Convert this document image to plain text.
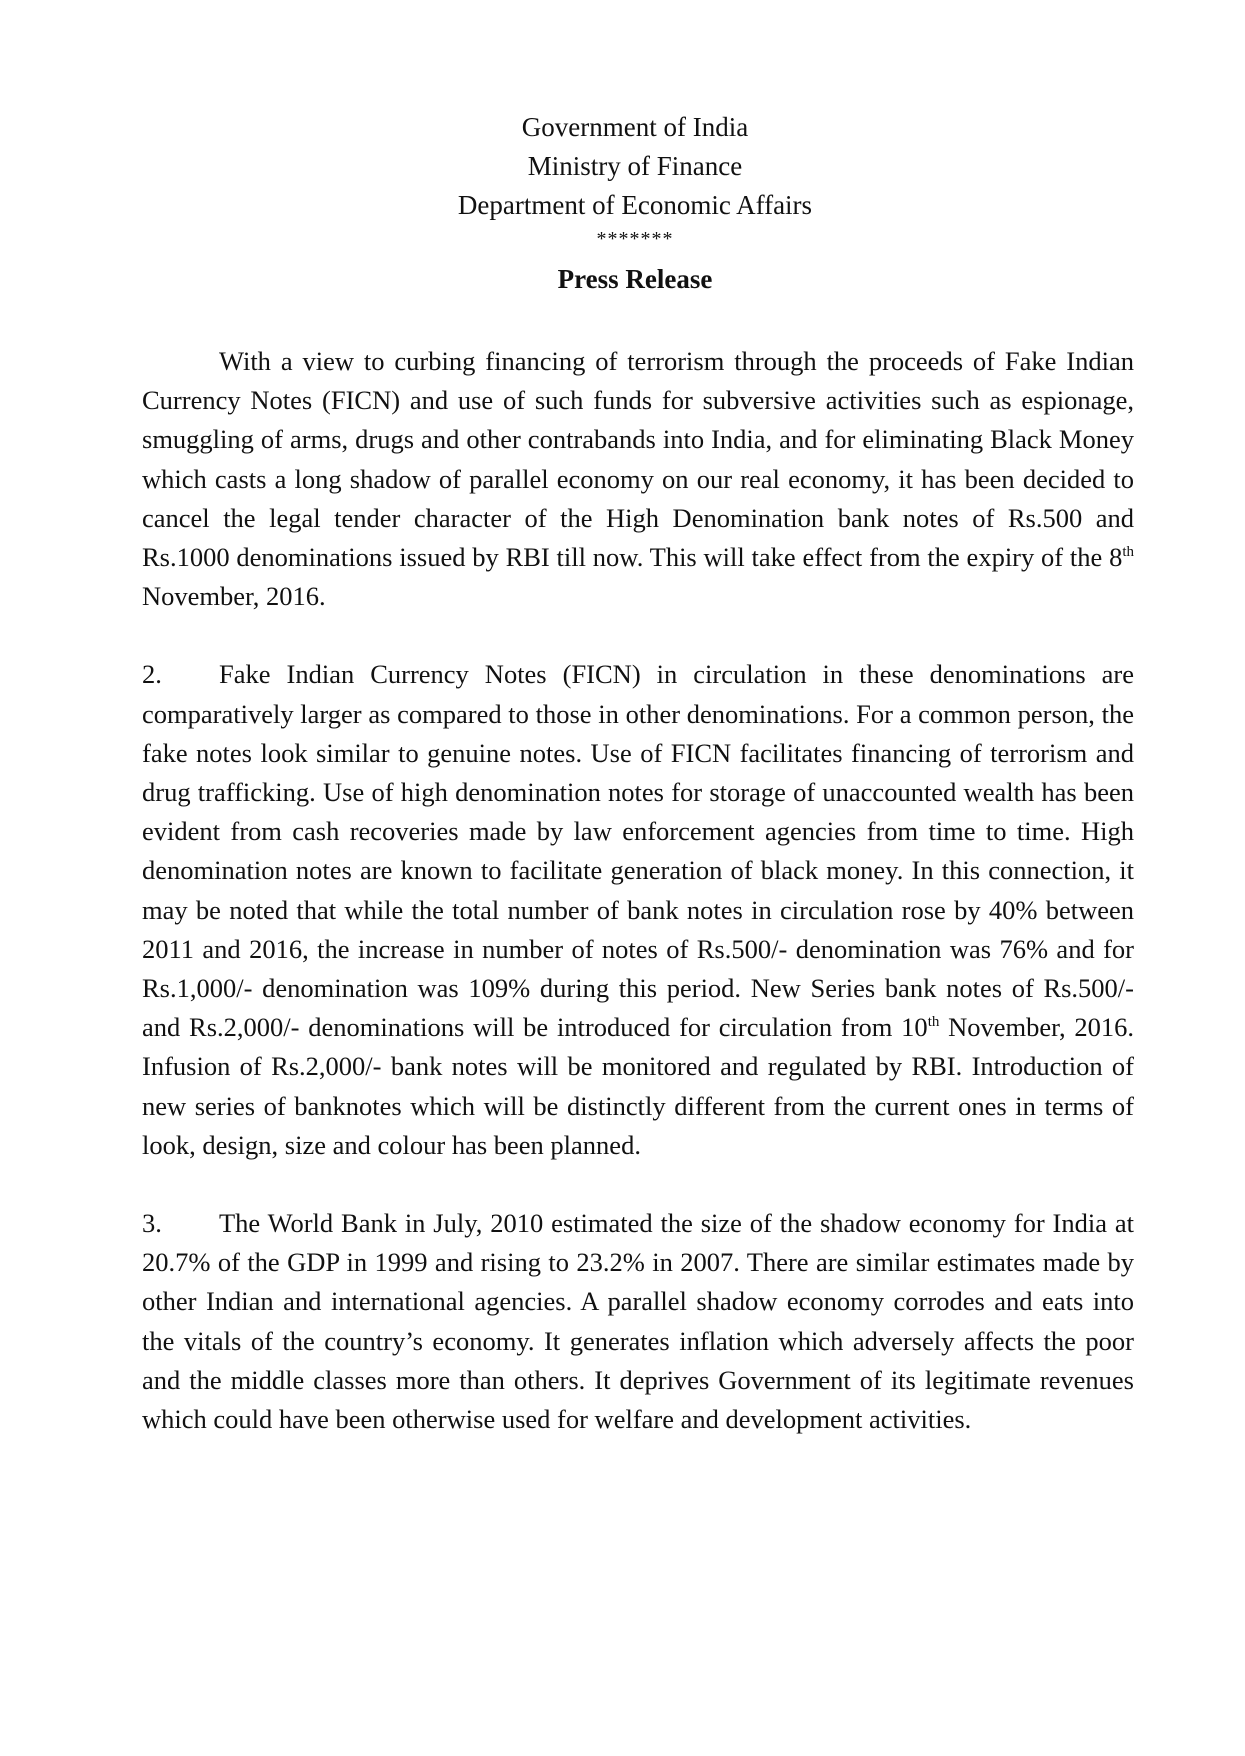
Government of India
Ministry of Finance
Department of Economic Affairs
*******
Press Release

With a view to curbing financing of terrorism through the proceeds of Fake Indian Currency Notes (FICN) and use of such funds for subversive activities such as espionage, smuggling of arms, drugs and other contrabands into India, and for eliminating Black Money which casts a long shadow of parallel economy on our real economy, it has been decided to cancel the legal tender character of the High Denomination bank notes of Rs.500 and Rs.1000 denominations issued by RBI till now. This will take effect from the expiry of the 8th November, 2016.

2. Fake Indian Currency Notes (FICN) in circulation in these denominations are comparatively larger as compared to those in other denominations. For a common person, the fake notes look similar to genuine notes. Use of FICN facilitates financing of terrorism and drug trafficking. Use of high denomination notes for storage of unaccounted wealth has been evident from cash recoveries made by law enforcement agencies from time to time. High denomination notes are known to facilitate generation of black money. In this connection, it may be noted that while the total number of bank notes in circulation rose by 40% between 2011 and 2016, the increase in number of notes of Rs.500/- denomination was 76% and for Rs.1,000/- denomination was 109% during this period. New Series bank notes of Rs.500/- and Rs.2,000/- denominations will be introduced for circulation from 10th November, 2016. Infusion of Rs.2,000/- bank notes will be monitored and regulated by RBI. Introduction of new series of banknotes which will be distinctly different from the current ones in terms of look, design, size and colour has been planned.

3. The World Bank in July, 2010 estimated the size of the shadow economy for India at 20.7% of the GDP in 1999 and rising to 23.2% in 2007. There are similar estimates made by other Indian and international agencies. A parallel shadow economy corrodes and eats into the vitals of the country’s economy. It generates inflation which adversely affects the poor and the middle classes more than others. It deprives Government of its legitimate revenues which could have been otherwise used for welfare and development activities.
